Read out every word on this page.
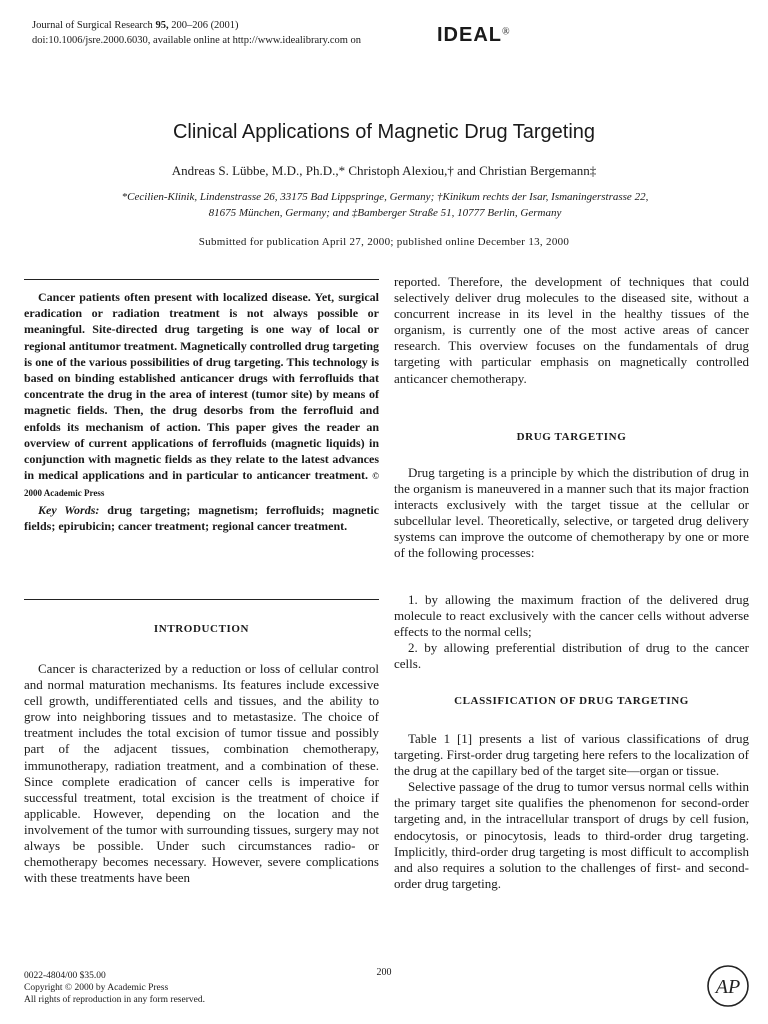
Journal of Surgical Research 95, 200–206 (2001)
doi:10.1006/jsre.2000.6030, available online at http://www.idealibrary.com on	IDEAL®
Clinical Applications of Magnetic Drug Targeting
Andreas S. Lübbe, M.D., Ph.D.,* Christoph Alexiou,† and Christian Bergemann‡
*Cecilien-Klinik, Lindenstrasse 26, 33175 Bad Lippspringe, Germany; †Kinikum rechts der Isar, Ismaningerstrasse 22,
81675 München, Germany; and ‡Bamberger Straße 51, 10777 Berlin, Germany
Submitted for publication April 27, 2000; published online December 13, 2000

Cancer patients often present with localized disease. Yet, surgical eradication or radiation treatment is not always possible or meaningful. Site-directed drug targeting is one way of local or regional antitumor treatment. Magnetically controlled drug targeting is one of the various possibilities of drug targeting. This technology is based on binding established anticancer drugs with ferrofluids that concentrate the drug in the area of interest (tumor site) by means of magnetic fields. Then, the drug desorbs from the ferrofluid and enfolds its mechanism of action. This paper gives the reader an overview of current applications of ferrofluids (magnetic liquids) in conjunction with magnetic fields as they relate to the latest advances in medical applications and in particular to anticancer treatment. © 2000 Academic Press

Key Words: drug targeting; magnetism; ferrofluids; magnetic fields; epirubicin; cancer treatment; regional cancer treatment.

INTRODUCTION

Cancer is characterized by a reduction or loss of cellular control and normal maturation mechanisms. Its features include excessive cell growth, undifferentiated cells and tissues, and the ability to grow into neighboring tissues and to metastasize. The choice of treatment includes the total excision of tumor tissue and possibly part of the adjacent tissues, combination chemotherapy, immunotherapy, radiation treatment, and a combination of these. Since complete eradication of cancer cells is imperative for successful treatment, total excision is the treatment of choice if applicable. However, depending on the location and the involvement of the tumor with surrounding tissues, surgery may not always be possible. Under such circumstances radio- or chemotherapy becomes necessary. However, severe complications with these treatments have been

reported. Therefore, the development of techniques that could selectively deliver drug molecules to the diseased site, without a concurrent increase in its level in the healthy tissues of the organism, is currently one of the most active areas of cancer research. This overview focuses on the fundamentals of drug targeting with particular emphasis on magnetically controlled anticancer chemotherapy.

DRUG TARGETING

Drug targeting is a principle by which the distribution of drug in the organism is maneuvered in a manner such that its major fraction interacts exclusively with the target tissue at the cellular or subcellular level. Theoretically, selective, or targeted drug delivery systems can improve the outcome of chemotherapy by one or more of the following processes:

1. by allowing the maximum fraction of the delivered drug molecule to react exclusively with the cancer cells without adverse effects to the normal cells;

2. by allowing preferential distribution of drug to the cancer cells.

CLASSIFICATION OF DRUG TARGETING

Table 1 [1] presents a list of various classifications of drug targeting. First-order drug targeting here refers to the localization of the drug at the capillary bed of the target site—organ or tissue.

Selective passage of the drug to tumor versus normal cells within the primary target site qualifies the phenomenon for second-order targeting and, in the intracellular transport of drugs by cell fusion, endocytosis, or pinocytosis, leads to third-order drug targeting. Implicitly, third-order drug targeting is most difficult to accomplish and also requires a solution to the challenges of first- and second-order drug targeting.

200
0022-4804/00 $35.00
Copyright © 2000 by Academic Press
All rights of reproduction in any form reserved.
AP
